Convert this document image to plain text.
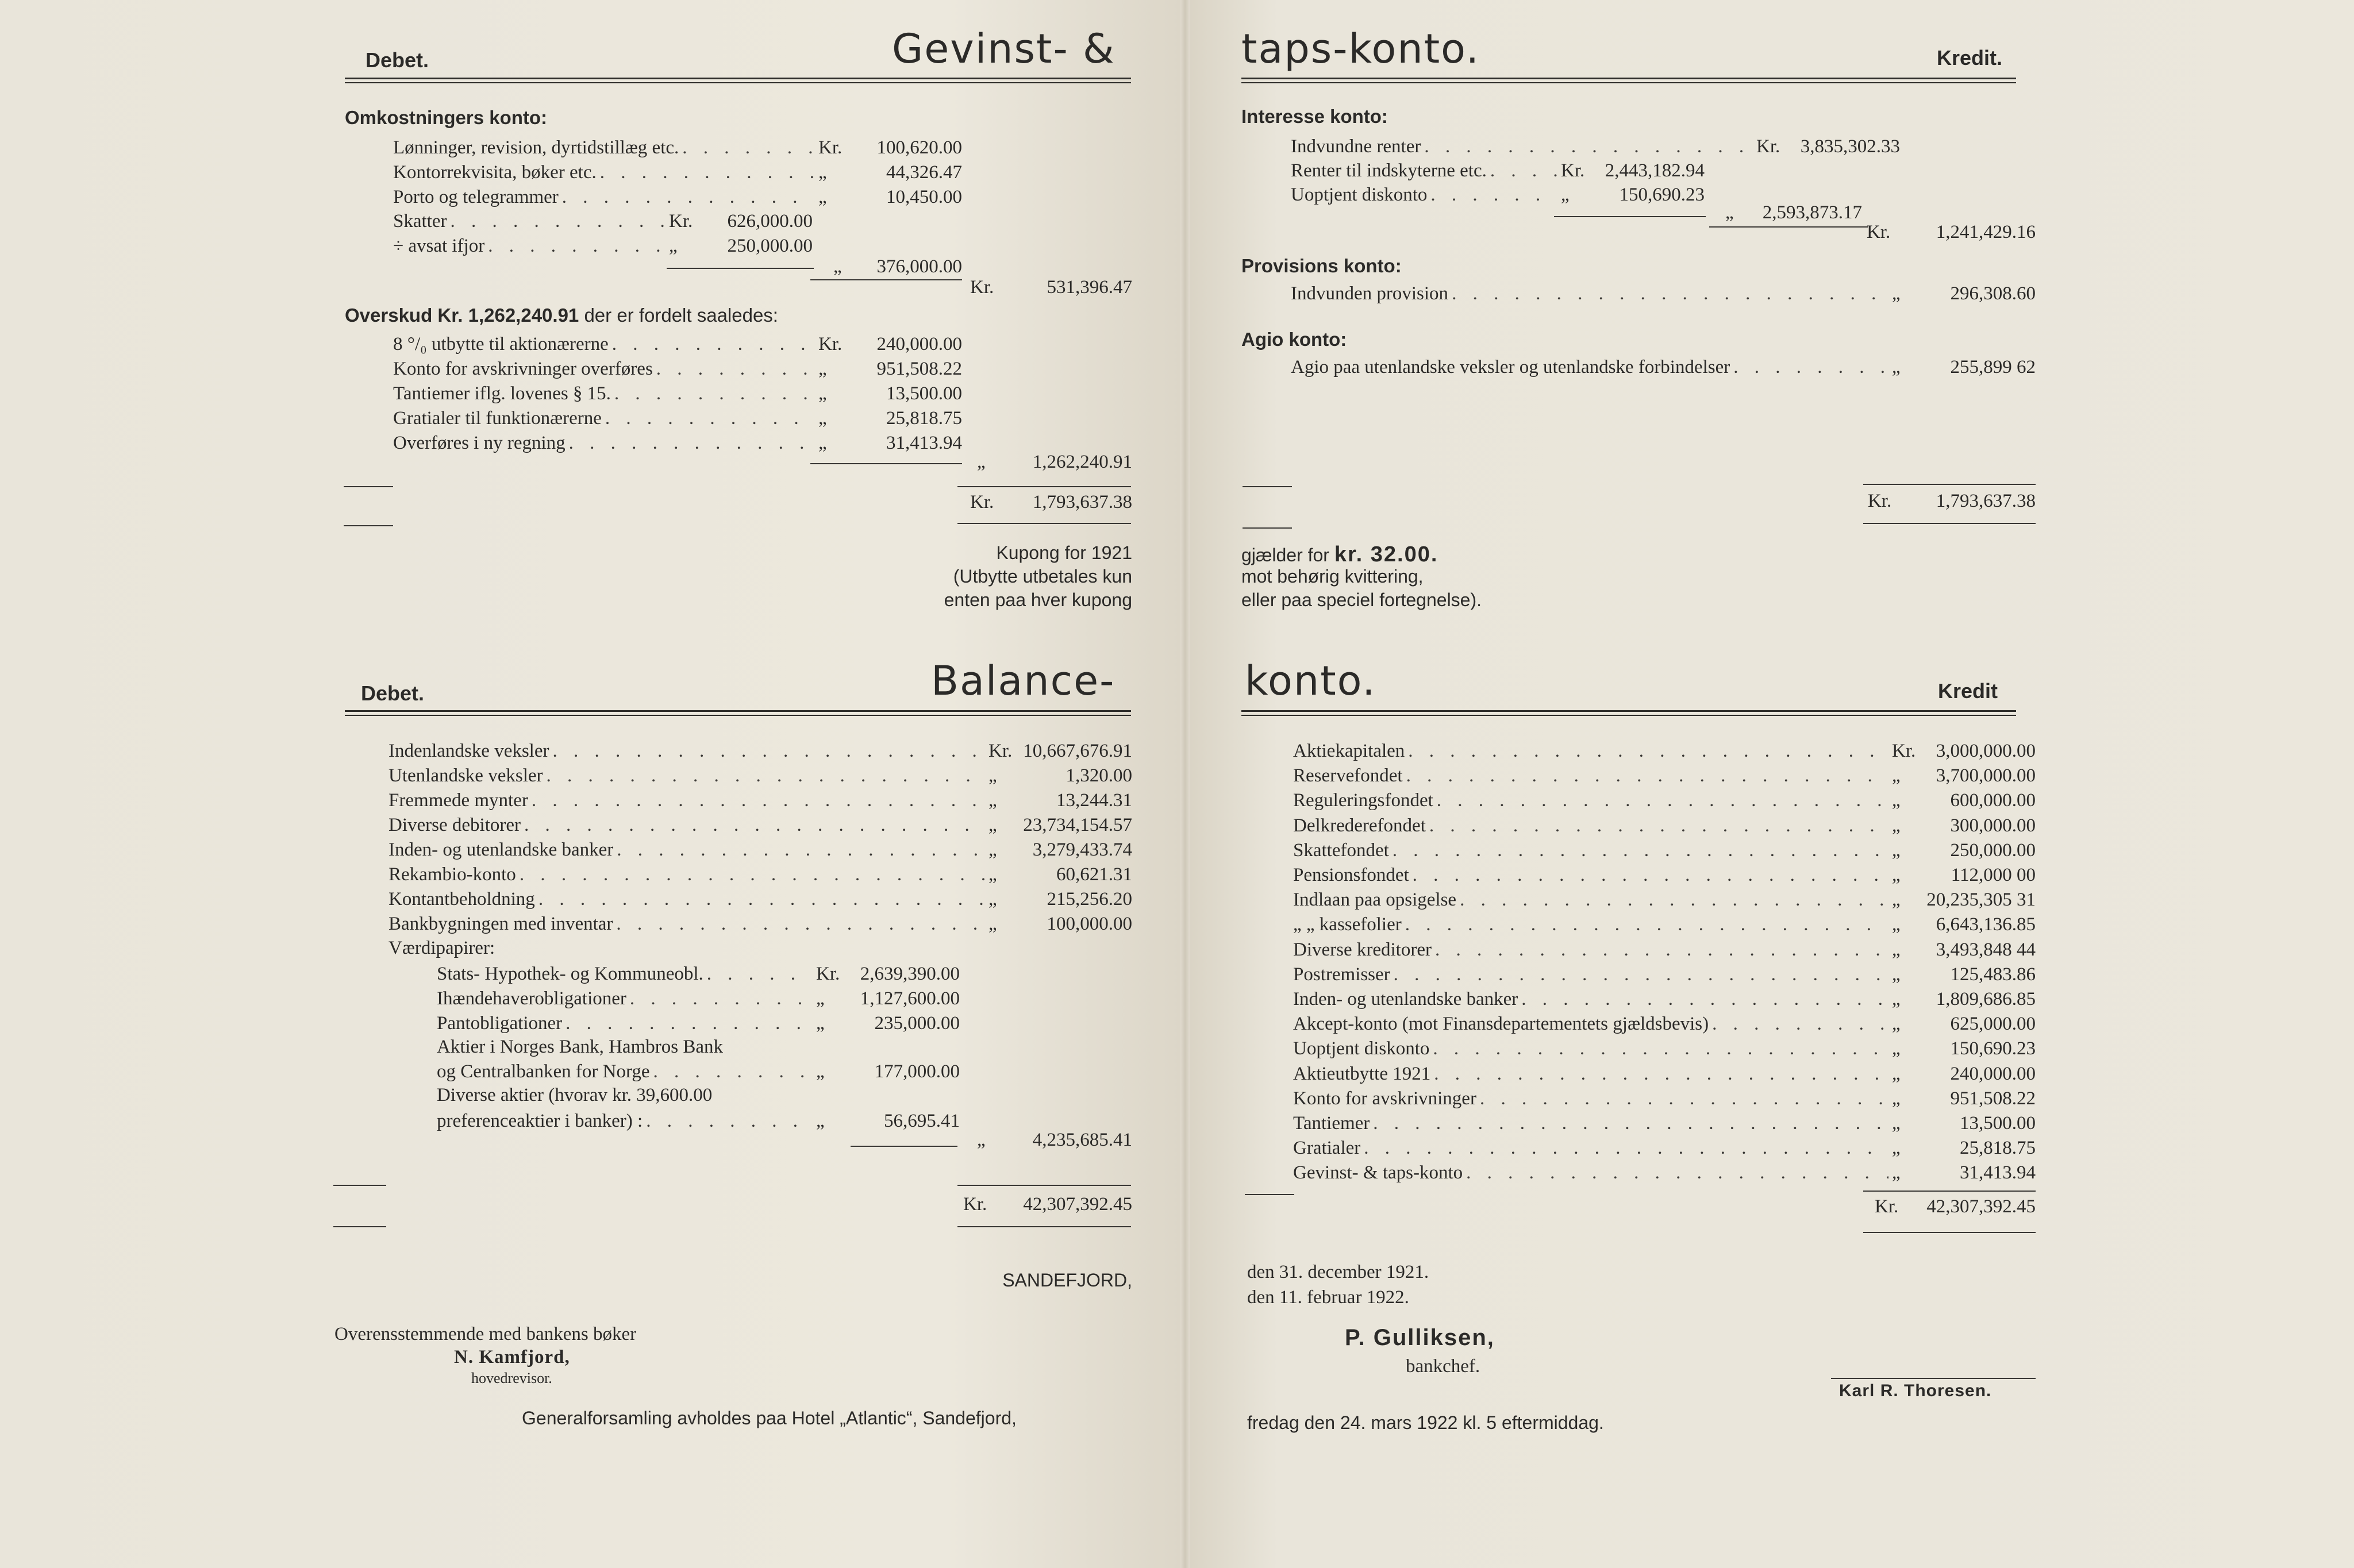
Debet.	Gevinst- &
Omkostningers konto:
Lønninger, revision, dyrtidstillæg etc. . . .	Kr.	100,620.00
Kontorrekvisita, bøker etc. . . .	„	44,326.47
Porto og telegrammer . . .	„	10,450.00
Skatter . . .	Kr.	626,000.00
÷ avsat ifjor . . .	„	250,000.00
„	376,000.00
Kr.	531,396.47
Overskud Kr. 1,262,240.91 der er fordelt saaledes:
8 °/₀ utbytte til aktionærerne . . .	Kr.	240,000.00
Konto for avskrivninger overføres . . .	„	951,508.22
Tantiemer iflg. lovenes § 15. . . .	„	13,500.00
Gratialer til funktionærerne . . .	„	25,818.75
Overføres i ny regning . . .	„	31,413.94
„	1,262,240.91
Kr.	1,793,637.38
Kupong for 1921
(Utbytte utbetales kun
enten paa hver kupong
taps-konto.	Kredit.
Interesse konto:
Indvundne renter . . .	Kr.	3,835,302.33
Renter til indskyterne etc. . . .	Kr.	2,443,182.94
Uoptjent diskonto . . .	„	150,690.23
„	2,593,873.17
Kr.	1,241,429.16
Provisions konto:
Indvunden provision . . .	„	296,308.60
Agio konto:
Agio paa utenlandske veksler og utenlandske forbindelser . . .	„	255,899 62
Kr.	1,793,637.38
gjælder for kr. 32.00.
mot behørig kvittering,
eller paa speciel fortegnelse).
Debet.	Balance-
Indenlandske veksler . . .	Kr. 10,667,676.91
Utenlandske veksler . . .	„	1,320.00
Fremmede mynter . . .	„	13,244.31
Diverse debitorer . . .	„	23,734,154.57
Inden- og utenlandske banker . . .	„	3,279,433.74
Rekambio-konto . . .	„	60,621.31
Kontantbeholdning . . .	„	215,256.20
Bankbygningen med inventar . . .	„	100,000.00
Værdipapirer:
Stats- Hypothek- og Kommuneobl. . . .	Kr.	2,639,390.00
Ihændehaverobligationer . . .	„	1,127,600.00
Pantobligationer . . .	„	235,000.00
Aktier i Norges Bank, Hambros Bank
og Centralbanken for Norge . . .	„	177,000.00
Diverse aktier (hvorav kr. 39,600.00
preferenceaktier i banker) : . . .	„	56,695.41
„	4,235,685.41
Kr.	42,307,392.45
SANDEFJORD,
Overensstemmende med bankens bøker
N. Kamfjord,
hovedrevisor.
Generalforsamling avholdes paa Hotel „Atlantic“, Sandefjord,
konto.	Kredit
Aktiekapitalen . . .	Kr.	3,000,000.00
Reservefondet . . .	„	3,700,000.00
Reguleringsfondet . . .	„	600,000.00
Delkrederefondet . . .	„	300,000.00
Skattefondet . . .	„	250,000.00
Pensionsfondet . . .	„	112,000 00
Indlaan paa opsigelse . . .	„	20,235,305 31
„ „ kassefolier . . .	„	6,643,136.85
Diverse kreditorer . . .	„	3,493,848 44
Postremisser . . .	„	125,483.86
Inden- og utenlandske banker . . .	„	1,809,686.85
Akcept-konto (mot Finansdepartementets gjældsbevis) . . .	„	625,000.00
Uoptjent diskonto . . .	„	150,690.23
Aktieutbytte 1921 . . .	„	240,000.00
Konto for avskrivninger . . .	„	951,508.22
Tantiemer . . .	„	13,500.00
Gratialer . . .	„	25,818.75
Gevinst- & taps-konto . . .	„	31,413.94
Kr.	42,307,392.45
den 31. december 1921.
den 11. februar 1922.
P. Gulliksen,
bankchef.
Karl R. Thoresen.
fredag den 24. mars 1922 kl. 5 eftermiddag.
